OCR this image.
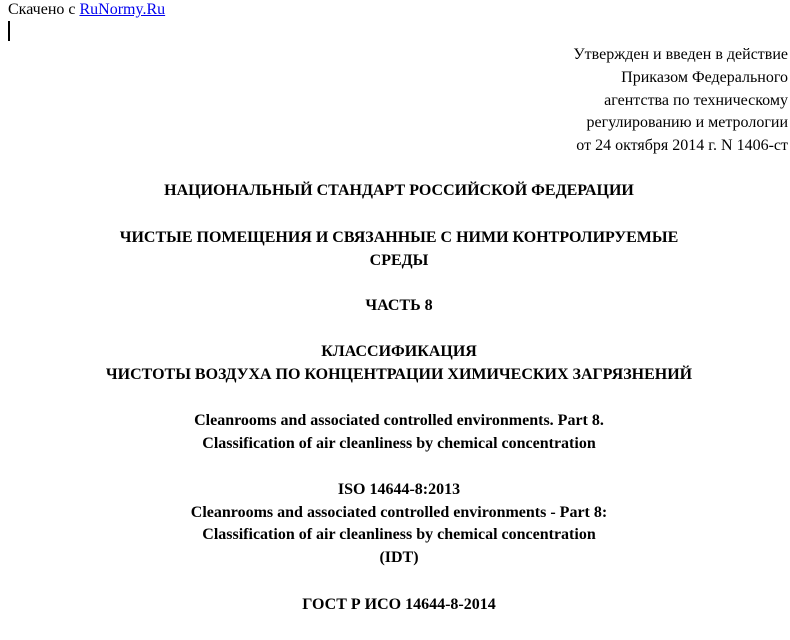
Скачено с RuNormy.Ru
Утвержден и введен в действие
Приказом Федерального
агентства по техническому
регулированию и метрологии
от 24 октября 2014 г. N 1406-ст
НАЦИОНАЛЬНЫЙ СТАНДАРТ РОССИЙСКОЙ ФЕДЕРАЦИИ
ЧИСТЫЕ ПОМЕЩЕНИЯ И СВЯЗАННЫЕ С НИМИ КОНТРОЛИРУЕМЫЕ
СРЕДЫ
ЧАСТЬ 8
КЛАССИФИКАЦИЯ
ЧИСТОТЫ ВОЗДУХА ПО КОНЦЕНТРАЦИИ ХИМИЧЕСКИХ ЗАГРЯЗНЕНИЙ
Cleanrooms and associated controlled environments. Part 8.
Classification of air cleanliness by chemical concentration
ISO 14644-8:2013
Cleanrooms and associated controlled environments - Part 8:
Classification of air cleanliness by chemical concentration
(IDT)
ГОСТ Р ИСО 14644-8-2014
